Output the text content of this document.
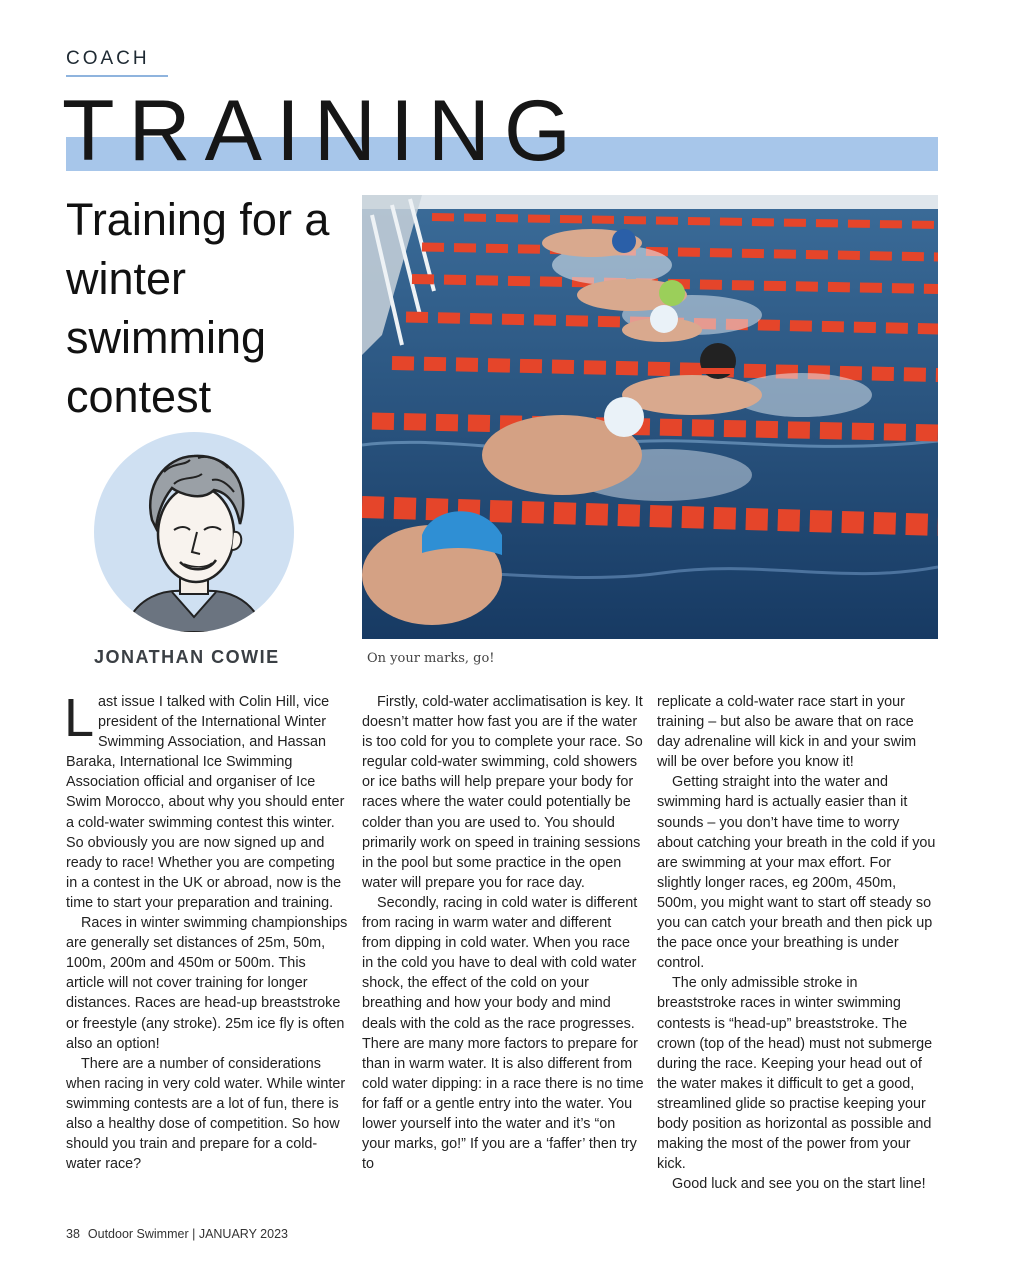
COACH
TRAINING
Training for a winter swimming contest
JONATHAN COWIE	On your marks, go!

Last issue I talked with Colin Hill, vice president of the International Winter Swimming Association, and Hassan Baraka, International Ice Swimming Association official and organiser of Ice Swim Morocco, about why you should enter a cold-water swimming contest this winter. So obviously you are now signed up and ready to race! Whether you are competing in a contest in the UK or abroad, now is the time to start your preparation and training.

Races in winter swimming championships are generally set distances of 25m, 50m, 100m, 200m and 450m or 500m. This article will not cover training for longer distances. Races are head-up breaststroke or freestyle (any stroke). 25m ice fly is often also an option!

There are a number of considerations when racing in very cold water. While winter swimming contests are a lot of fun, there is also a healthy dose of competition. So how should you train and prepare for a cold-water race?

Firstly, cold-water acclimatisation is key. It doesn’t matter how fast you are if the water is too cold for you to complete your race. So regular cold-water swimming, cold showers or ice baths will help prepare your body for races where the water could potentially be colder than you are used to. You should primarily work on speed in training sessions in the pool but some practice in the open water will prepare you for race day.

Secondly, racing in cold water is different from racing in warm water and different from dipping in cold water. When you race in the cold you have to deal with cold water shock, the effect of the cold on your breathing and how your body and mind deals with the cold as the race progresses. There are many more factors to prepare for than in warm water. It is also different from cold water dipping: in a race there is no time for faff or a gentle entry into the water. You lower yourself into the water and it’s “on your marks, go!” If you are a ‘faffer’ then try to

replicate a cold-water race start in your training – but also be aware that on race day adrenaline will kick in and your swim will be over before you know it!

Getting straight into the water and swimming hard is actually easier than it sounds – you don’t have time to worry about catching your breath in the cold if you are swimming at your max effort. For slightly longer races, eg 200m, 450m, 500m, you might want to start off steady so you can catch your breath and then pick up the pace once your breathing is under control.

The only admissible stroke in breaststroke races in winter swimming contests is “head-up” breaststroke. The crown (top of the head) must not submerge during the race. Keeping your head out of the water makes it difficult to get a good, streamlined glide so practise keeping your body position as horizontal as possible and making the most of the power from your kick.

Good luck and see you on the start line!

38 Outdoor Swimmer | JANUARY 2023
